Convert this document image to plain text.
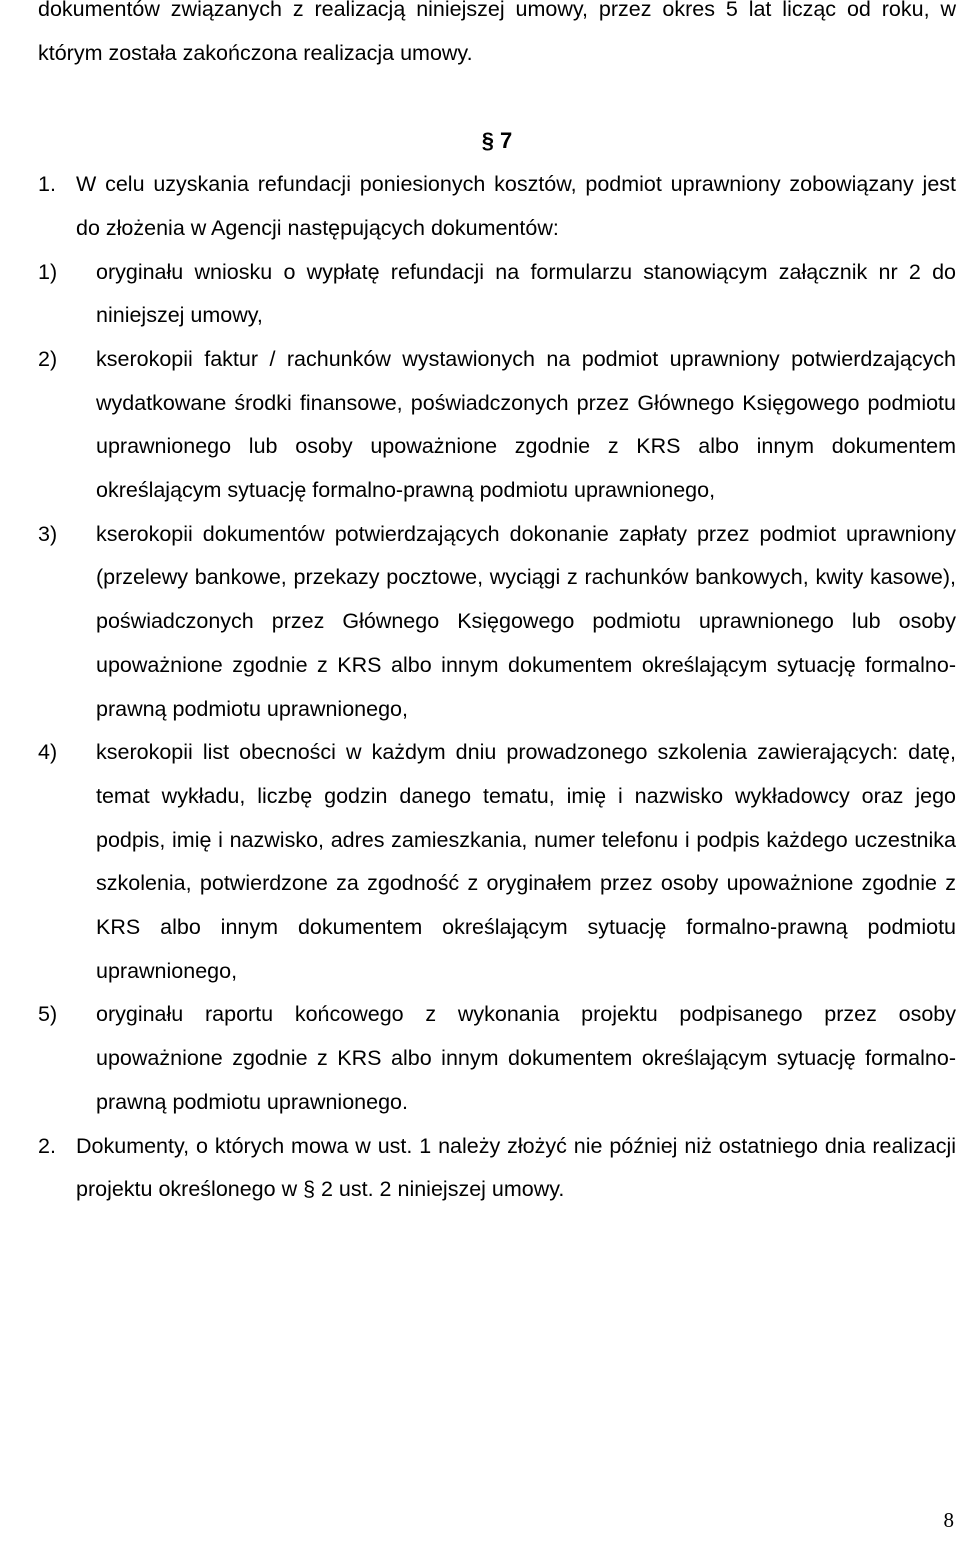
dokumentów związanych z realizacją niniejszej umowy, przez okres 5 lat licząc od roku, w którym została zakończona realizacja umowy.
§ 7
1. W celu uzyskania refundacji poniesionych kosztów, podmiot uprawniony zobowiązany jest do złożenia w Agencji następujących dokumentów:
1) oryginału wniosku o wypłatę refundacji na formularzu stanowiącym załącznik nr 2 do niniejszej umowy,
2) kserokopii faktur / rachunków wystawionych na podmiot uprawniony potwierdzających wydatkowane środki finansowe, poświadczonych przez Głównego Księgowego podmiotu uprawnionego lub osoby upoważnione zgodnie z KRS albo innym dokumentem określającym sytuację formalno-prawną podmiotu uprawnionego,
3) kserokopii dokumentów potwierdzających dokonanie zapłaty przez podmiot uprawniony (przelewy bankowe, przekazy pocztowe, wyciągi z rachunków bankowych, kwity kasowe), poświadczonych przez Głównego Księgowego podmiotu uprawnionego lub osoby upoważnione zgodnie z KRS albo innym dokumentem określającym sytuację formalno-prawną podmiotu uprawnionego,
4) kserokopii list obecności w każdym dniu prowadzonego szkolenia zawierających: datę, temat wykładu, liczbę godzin danego tematu, imię i nazwisko wykładowcy oraz jego podpis, imię i nazwisko, adres zamieszkania, numer telefonu i podpis każdego uczestnika szkolenia, potwierdzone za zgodność z oryginałem przez osoby upoważnione zgodnie z KRS albo innym dokumentem określającym sytuację formalno-prawną podmiotu uprawnionego,
5) oryginału raportu końcowego z wykonania projektu podpisanego przez osoby upoważnione zgodnie z KRS albo innym dokumentem określającym sytuację formalno-prawną podmiotu uprawnionego.
2. Dokumenty, o których mowa w ust. 1 należy złożyć nie później niż ostatniego dnia realizacji projektu określonego w § 2 ust. 2 niniejszej umowy.
8
